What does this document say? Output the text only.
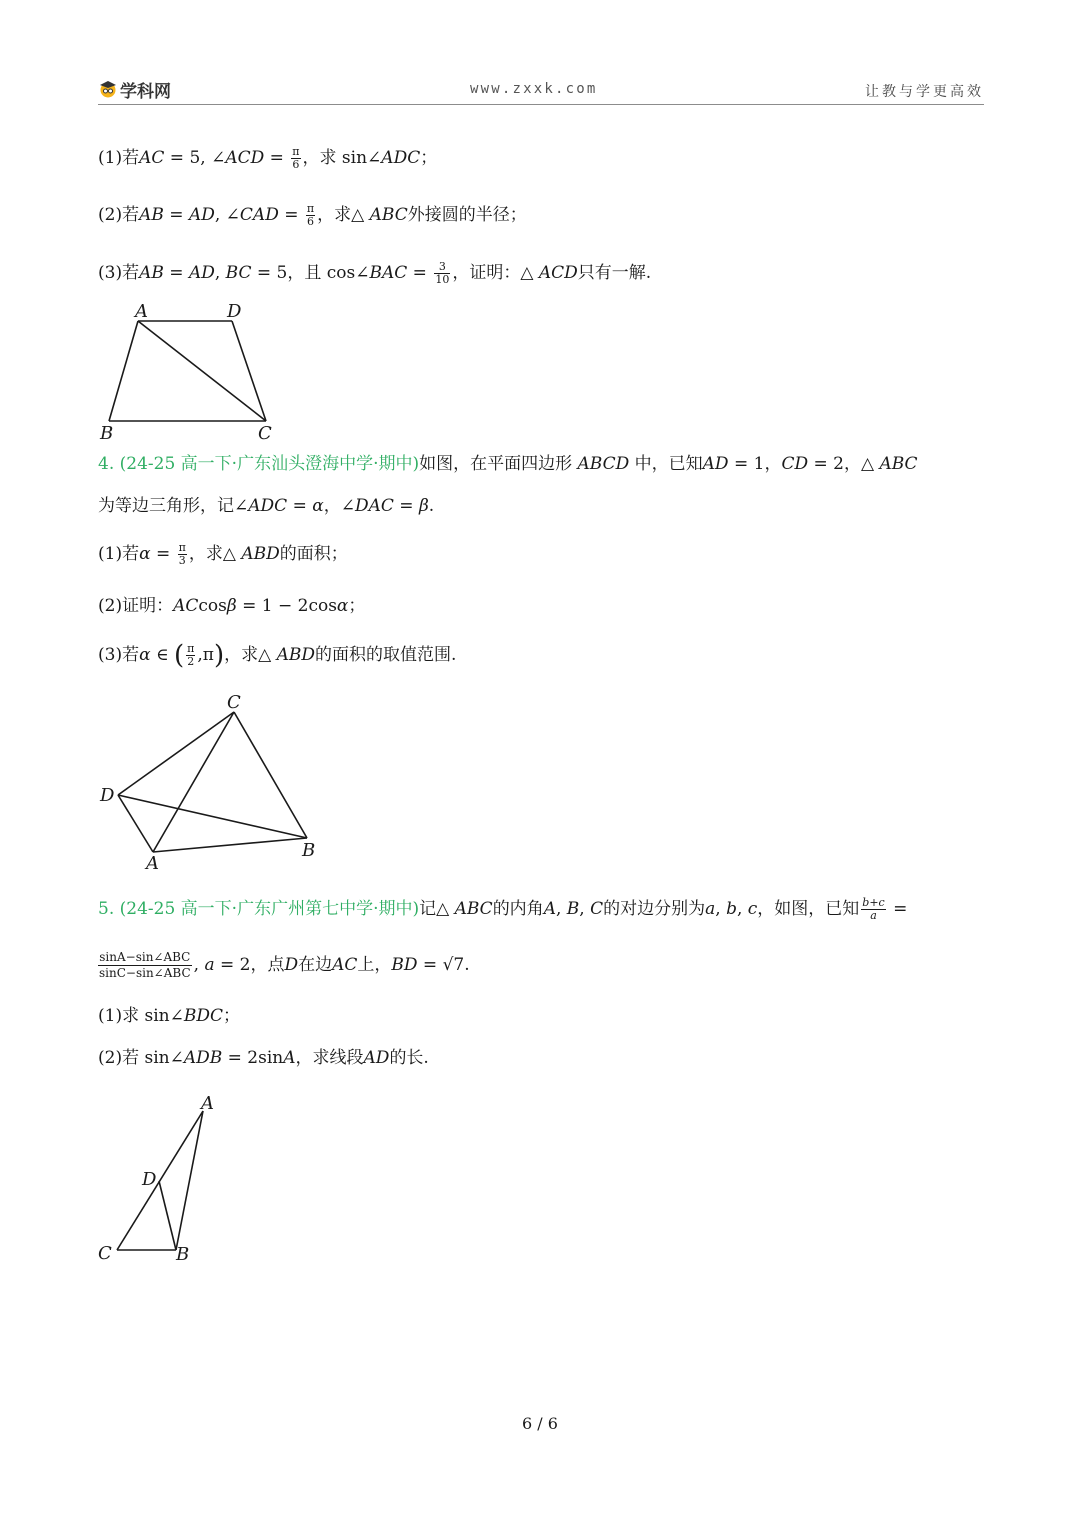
学科网	www.zxxk.com	让教与学更高效
(1)若AC = 5, ∠ACD = $\frac{\pi}{6}$ ，求 sin∠ADC；
(2)若AB = AD, ∠CAD = $\frac{\pi}{6}$ ，求△ ABC外接圆的半径；
(3)若AB = AD, BC = 5，且 cos∠BAC = $\frac{3}{10}$ ，证明：△ ACD只有一解.
A	D
B	C
4. (24-25 高一下·广东汕头澄海中学·期中)如图，在平面四边形 ABCD 中，已知AD = 1，CD = 2，△ ABC
为等边三角形，记∠ADC = α，∠DAC = β.
(1)若$\alpha = \frac{\pi}{3}$ ，求△ ABD的面积；
(2)证明：ACcosβ = 1 − 2cosα；
(3)若α ∈ ( $\frac{\pi}{2} ,\pi$)，求△ ABD的面积的取值范围.
C
D
A
B
5. (24-25 高一下·广东广州第七中学·期中)记△ ABC的内角A, B, C的对边分别为a, b, c，如图，已知 $\frac{b+c}{a}$ =
$\frac{\text{sinA−sin∠ABC}}{\text{sinC−sin∠ABC}}$ , a = 2，点D在边AC上，BD = √7.
(1)求 sin∠BDC；
(2)若 sin∠ADB = 2sinA，求线段AD的长.
A
D
C	B
6 / 6
